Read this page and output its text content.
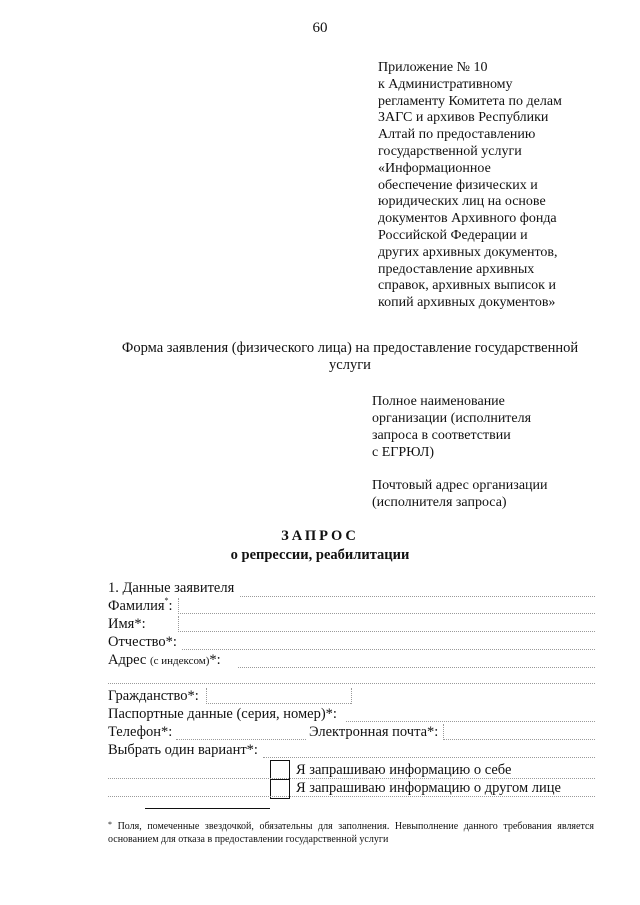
60
Приложение № 10
к Административному
регламенту Комитета по делам
ЗАГС и архивов Республики
Алтай по предоставлению
государственной услуги
«Информационное
обеспечение физических и
юридических лиц на основе
документов Архивного фонда
Российской Федерации и
других архивных документов,
предоставление архивных
справок, архивных выписок и
копий архивных документов»
Форма заявления (физического лица) на предоставление государственной услуги
Полное наименование
организации (исполнителя
запроса в соответствии
с ЕГРЮЛ)
Почтовый адрес организации
(исполнителя запроса)
ЗАПРОС
о репрессии, реабилитации
1. Данные заявителя
Фамилия*:
Имя*:
Отчество*:
Адрес (с индексом)*:
Гражданство*:
Паспортные данные (серия, номер)*:
Телефон*:	Электронная почта*:
Выбрать один вариант*:
Я запрашиваю информацию о себе
Я запрашиваю информацию о другом лице
* Поля, помеченные звездочкой, обязательны для заполнения. Невыполнение данного требования является основанием для отказа в предоставлении государственной услуги
